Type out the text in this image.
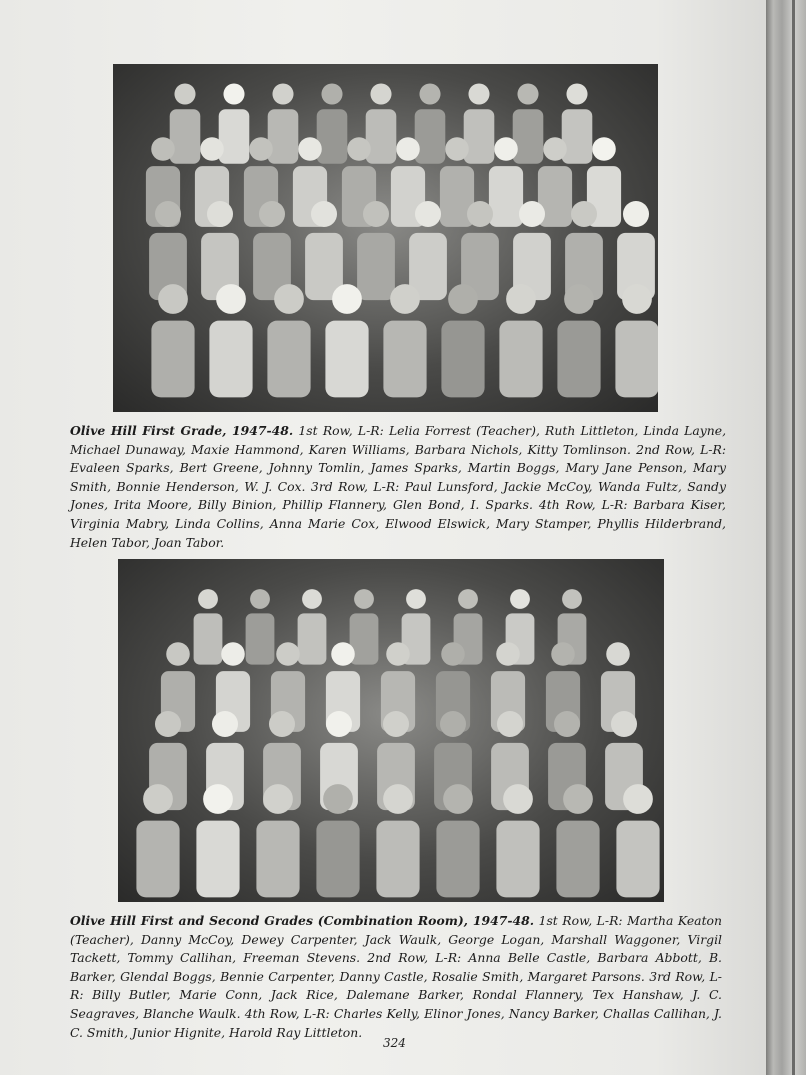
Olive Hill First Grade, 1947-48. 1st Row, L-R: Lelia Forrest (Teacher), Ruth Littleton, Linda Layne, Michael Dunaway, Maxie Hammond, Karen Williams, Barbara Nichols, Kitty Tomlinson. 2nd Row, L-R: Evaleen Sparks, Bert Greene, Johnny Tomlin, James Sparks, Martin Boggs, Mary Jane Penson, Mary Smith, Bonnie Henderson, W. J. Cox. 3rd Row, L-R: Paul Lunsford, Jackie McCoy, Wanda Fultz, Sandy Jones, Irita Moore, Billy Binion, Phillip Flannery, Glen Bond, I. Sparks. 4th Row, L-R: Barbara Kiser, Virginia Mabry, Linda Collins, Anna Marie Cox, Elwood Elswick, Mary Stamper, Phyllis Hilderbrand, Helen Tabor, Joan Tabor.
Olive Hill First and Second Grades (Combination Room), 1947-48. 1st Row, L-R: Martha Keaton (Teacher), Danny McCoy, Dewey Carpenter, Jack Waulk, George Logan, Marshall Waggoner, Virgil Tackett, Tommy Callihan, Freeman Stevens. 2nd Row, L-R: Anna Belle Castle, Barbara Abbott, B. Barker, Glendal Boggs, Bennie Carpenter, Danny Castle, Rosalie Smith, Margaret Parsons. 3rd Row, L-R: Billy Butler, Marie Conn, Jack Rice, Dalemane Barker, Rondal Flannery, Tex Hanshaw, J. C. Seagraves, Blanche Waulk. 4th Row, L-R: Charles Kelly, Elinor Jones, Nancy Barker, Challas Callihan, J. C. Smith, Junior Hignite, Harold Ray Littleton.
324
